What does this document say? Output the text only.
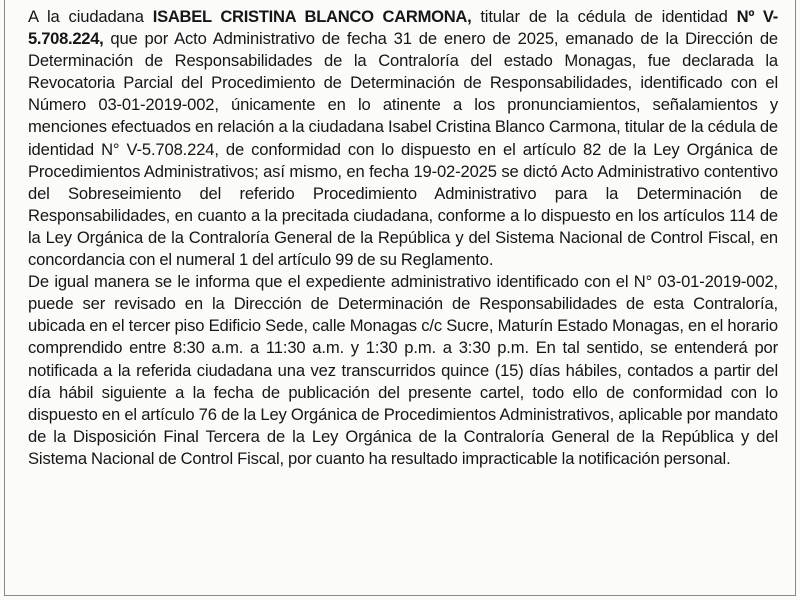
A la ciudadana ISABEL CRISTINA BLANCO CARMONA, titular de la cédula de identidad Nº V-5.708.224, que por Acto Administrativo de fecha 31 de enero de 2025, emanado de la Dirección de Determinación de Responsabilidades de la Contraloría del estado Monagas, fue declarada la Revocatoria Parcial del Procedimiento de Determinación de Responsabilidades, identificado con el Número 03-01-2019-002, únicamente en lo atinente a los pronunciamientos, señalamientos y menciones efectuados en relación a la ciudadana Isabel Cristina Blanco Carmona, titular de la cédula de identidad N° V-5.708.224, de conformidad con lo dispuesto en el artículo 82 de la Ley Orgánica de Procedimientos Administrativos; así mismo, en fecha 19-02-2025 se dictó Acto Administrativo contentivo del Sobreseimiento del referido Procedimiento Administrativo para la Determinación de Responsabilidades, en cuanto a la precitada ciudadana, conforme a lo dispuesto en los artículos 114 de la Ley Orgánica de la Contraloría General de la República y del Sistema Nacional de Control Fiscal, en concordancia con el numeral 1 del artículo 99 de su Reglamento.

De igual manera se le informa que el expediente administrativo identificado con el N° 03-01-2019-002, puede ser revisado en la Dirección de Determinación de Responsabilidades de esta Contraloría, ubicada en el tercer piso Edificio Sede, calle Monagas c/c Sucre, Maturín Estado Monagas, en el horario comprendido entre 8:30 a.m. a 11:30 a.m. y 1:30 p.m. a 3:30 p.m. En tal sentido, se entenderá por notificada a la referida ciudadana una vez transcurridos quince (15) días hábiles, contados a partir del día hábil siguiente a la fecha de publicación del presente cartel, todo ello de conformidad con lo dispuesto en el artículo 76 de la Ley Orgánica de Procedimientos Administrativos, aplicable por mandato de la Disposición Final Tercera de la Ley Orgánica de la Contraloría General de la República y del Sistema Nacional de Control Fiscal, por cuanto ha resultado impracticable la notificación personal.
